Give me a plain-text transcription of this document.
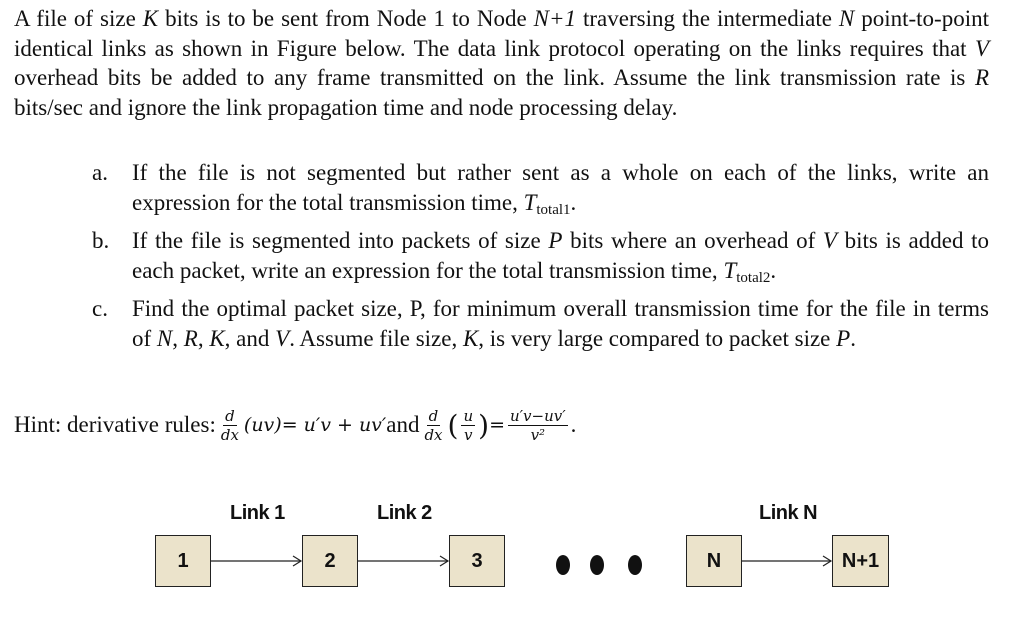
A file of size K bits is to be sent from Node 1 to Node N+1 traversing the intermediate N point-to-point identical links as shown in Figure below. The data link protocol operating on the links requires that V overhead bits be added to any frame transmitted on the link. Assume the link transmission rate is R bits/sec and ignore the link propagation time and node processing delay.
a. If the file is not segmented but rather sent as a whole on each of the links, write an expression for the total transmission time, $T_{total1}$.
b. If the file is segmented into packets of size P bits where an overhead of V bits is added to each packet, write an expression for the total transmission time, $T_{total2}$.
c. Find the optimal packet size, P, for minimum overall transmission time for the file in terms of N, R, K, and V. Assume file size, K, is very large compared to packet size P.
Hint: derivative rules: $\frac{d}{dx} (uv) = u'v + uv'$ and $\frac{d}{dx}$ ( $\frac{u}{v}$ ) = $\frac{u'v-uv'}{\text{v²}}$ .
Link 1	Link 2	Link N
1	2	3	N	N+1
